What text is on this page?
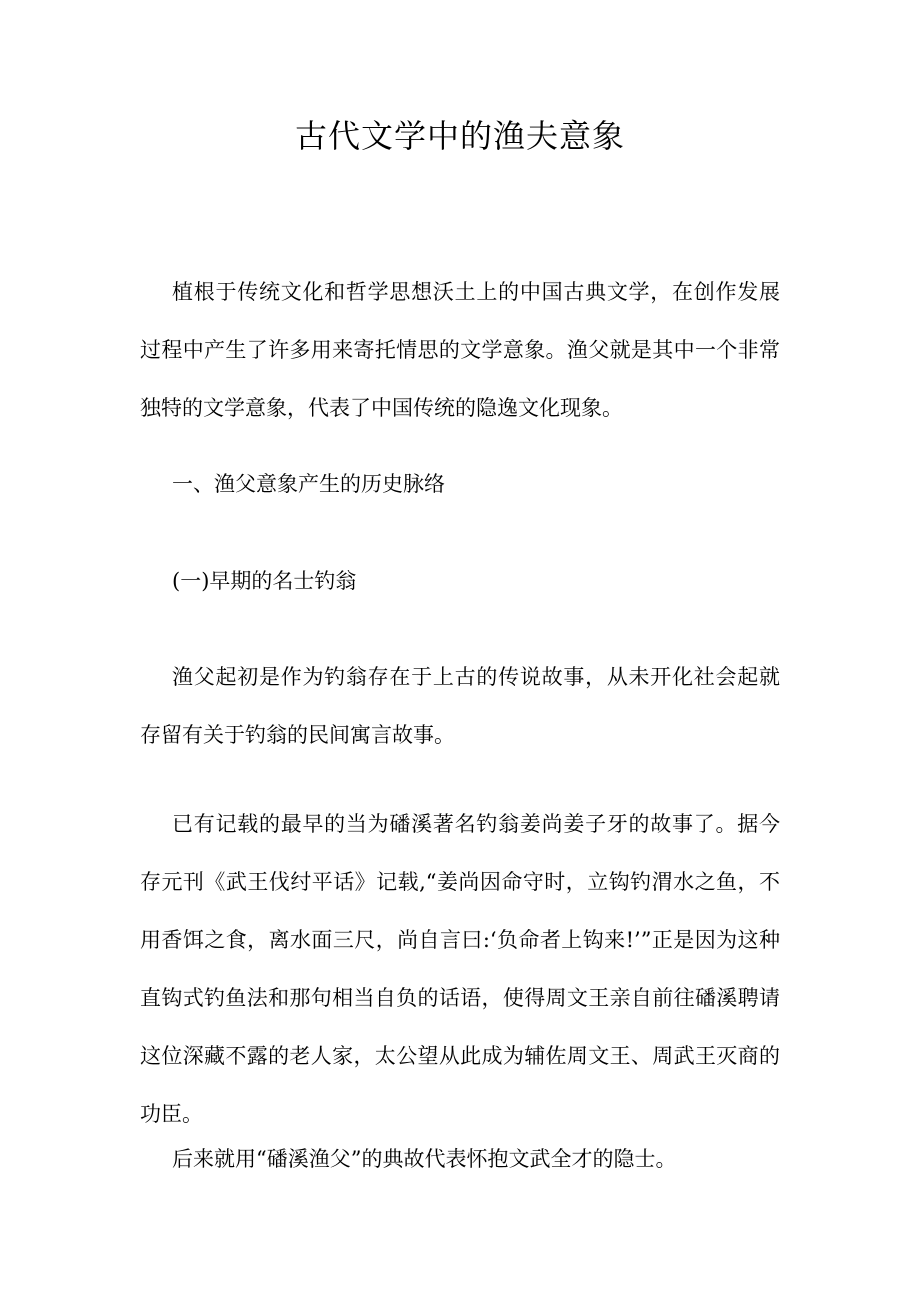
古代文学中的渔夫意象

植根于传统文化和哲学思想沃土上的中国古典文学，在创作发展过程中产生了许多用来寄托情思的文学意象。渔父就是其中一个非常独特的文学意象，代表了中国传统的隐逸文化现象。

一、渔父意象产生的历史脉络

(一)早期的名士钓翁

渔父起初是作为钓翁存在于上古的传说故事，从未开化社会起就存留有关于钓翁的民间寓言故事。

已有记载的最早的当为磻溪著名钓翁姜尚姜子牙的故事了。据今存元刊《武王伐纣平话》记载,“姜尚因命守时，立钩钓渭水之鱼，不用香饵之食，离水面三尺，尚自言曰:‘负命者上钩来!’”正是因为这种直钩式钓鱼法和那句相当自负的话语，使得周文王亲自前往磻溪聘请这位深藏不露的老人家，太公望从此成为辅佐周文王、周武王灭商的功臣。

后来就用“磻溪渔父”的典故代表怀抱文武全才的隐士。
